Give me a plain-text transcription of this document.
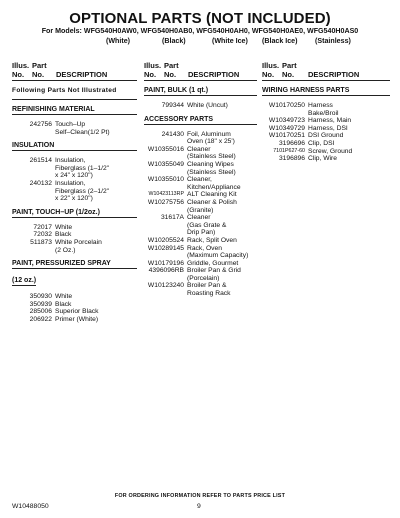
OPTIONAL PARTS (NOT INCLUDED)
For Models: WFG540H0AW0, WFG540H0AB0, WFG540H0AH0, WFG540H0AE0, WFG540H0AS0
(White)	(Black)	(White Ice) (Black Ice) (Stainless)
Illus. Part
No. No. DESCRIPTION
Following Parts Not Illustrated
REFINISHING MATERIAL
242756 Touch–Up
Self–Clean(1/2 Pt)
INSULATION
261514 Insulation,
Fiberglass (1–1/2"
x 24" x 120")
240132 Insulation,
Fiberglass (2–1/2"
x 22" x 120")
PAINT, TOUCH–UP (1/2oz.)
72017 White
72032 Black
511873 White Porcelain
(2 Oz.)
PAINT, PRESSURIZED SPRAY
(12 oz.)
350930 White
350939 Black
285006 Superior Black
206922 Primer (White)
Illus. Part
No. No. DESCRIPTION
PAINT, BULK (1 qt.)
799344 White (Uncut)
ACCESSORY PARTS
241430 Foil, Aluminum
Oven (18" x 25')
W10355016 Cleaner
(Stainless Steel)
W10355049 Cleaning Wipes
(Stainless Steel)
W10355010 Cleaner,
Kitchen/Appliance
W10423113RP ALT Cleaning Kit
W10275756 Cleaner & Polish
(Granite)
31617A Cleaner
(Gas Grate &
Drip Pan)
W10205524 Rack, Split Oven
W10289145 Rack, Oven
(Maximum Capacity)
W10179196 Griddle, Gourmet
4396096RB Broiler Pan & Grid
(Porcelain)
W10123240 Broiler Pan &
Roasting Rack
Illus. Part
No. No. DESCRIPTION
WIRING HARNESS PARTS
W10170250 Harness
Bake/Broil
W10349723 Harness, Main
W10349729 Harness, DSI
W10170251 DSI Ground
3196696 Clip, DSI
7101P627-60 Screw, Ground
3196896 Clip, Wire
FOR ORDERING INFORMATION REFER TO PARTS PRICE LIST
W10488050	9
